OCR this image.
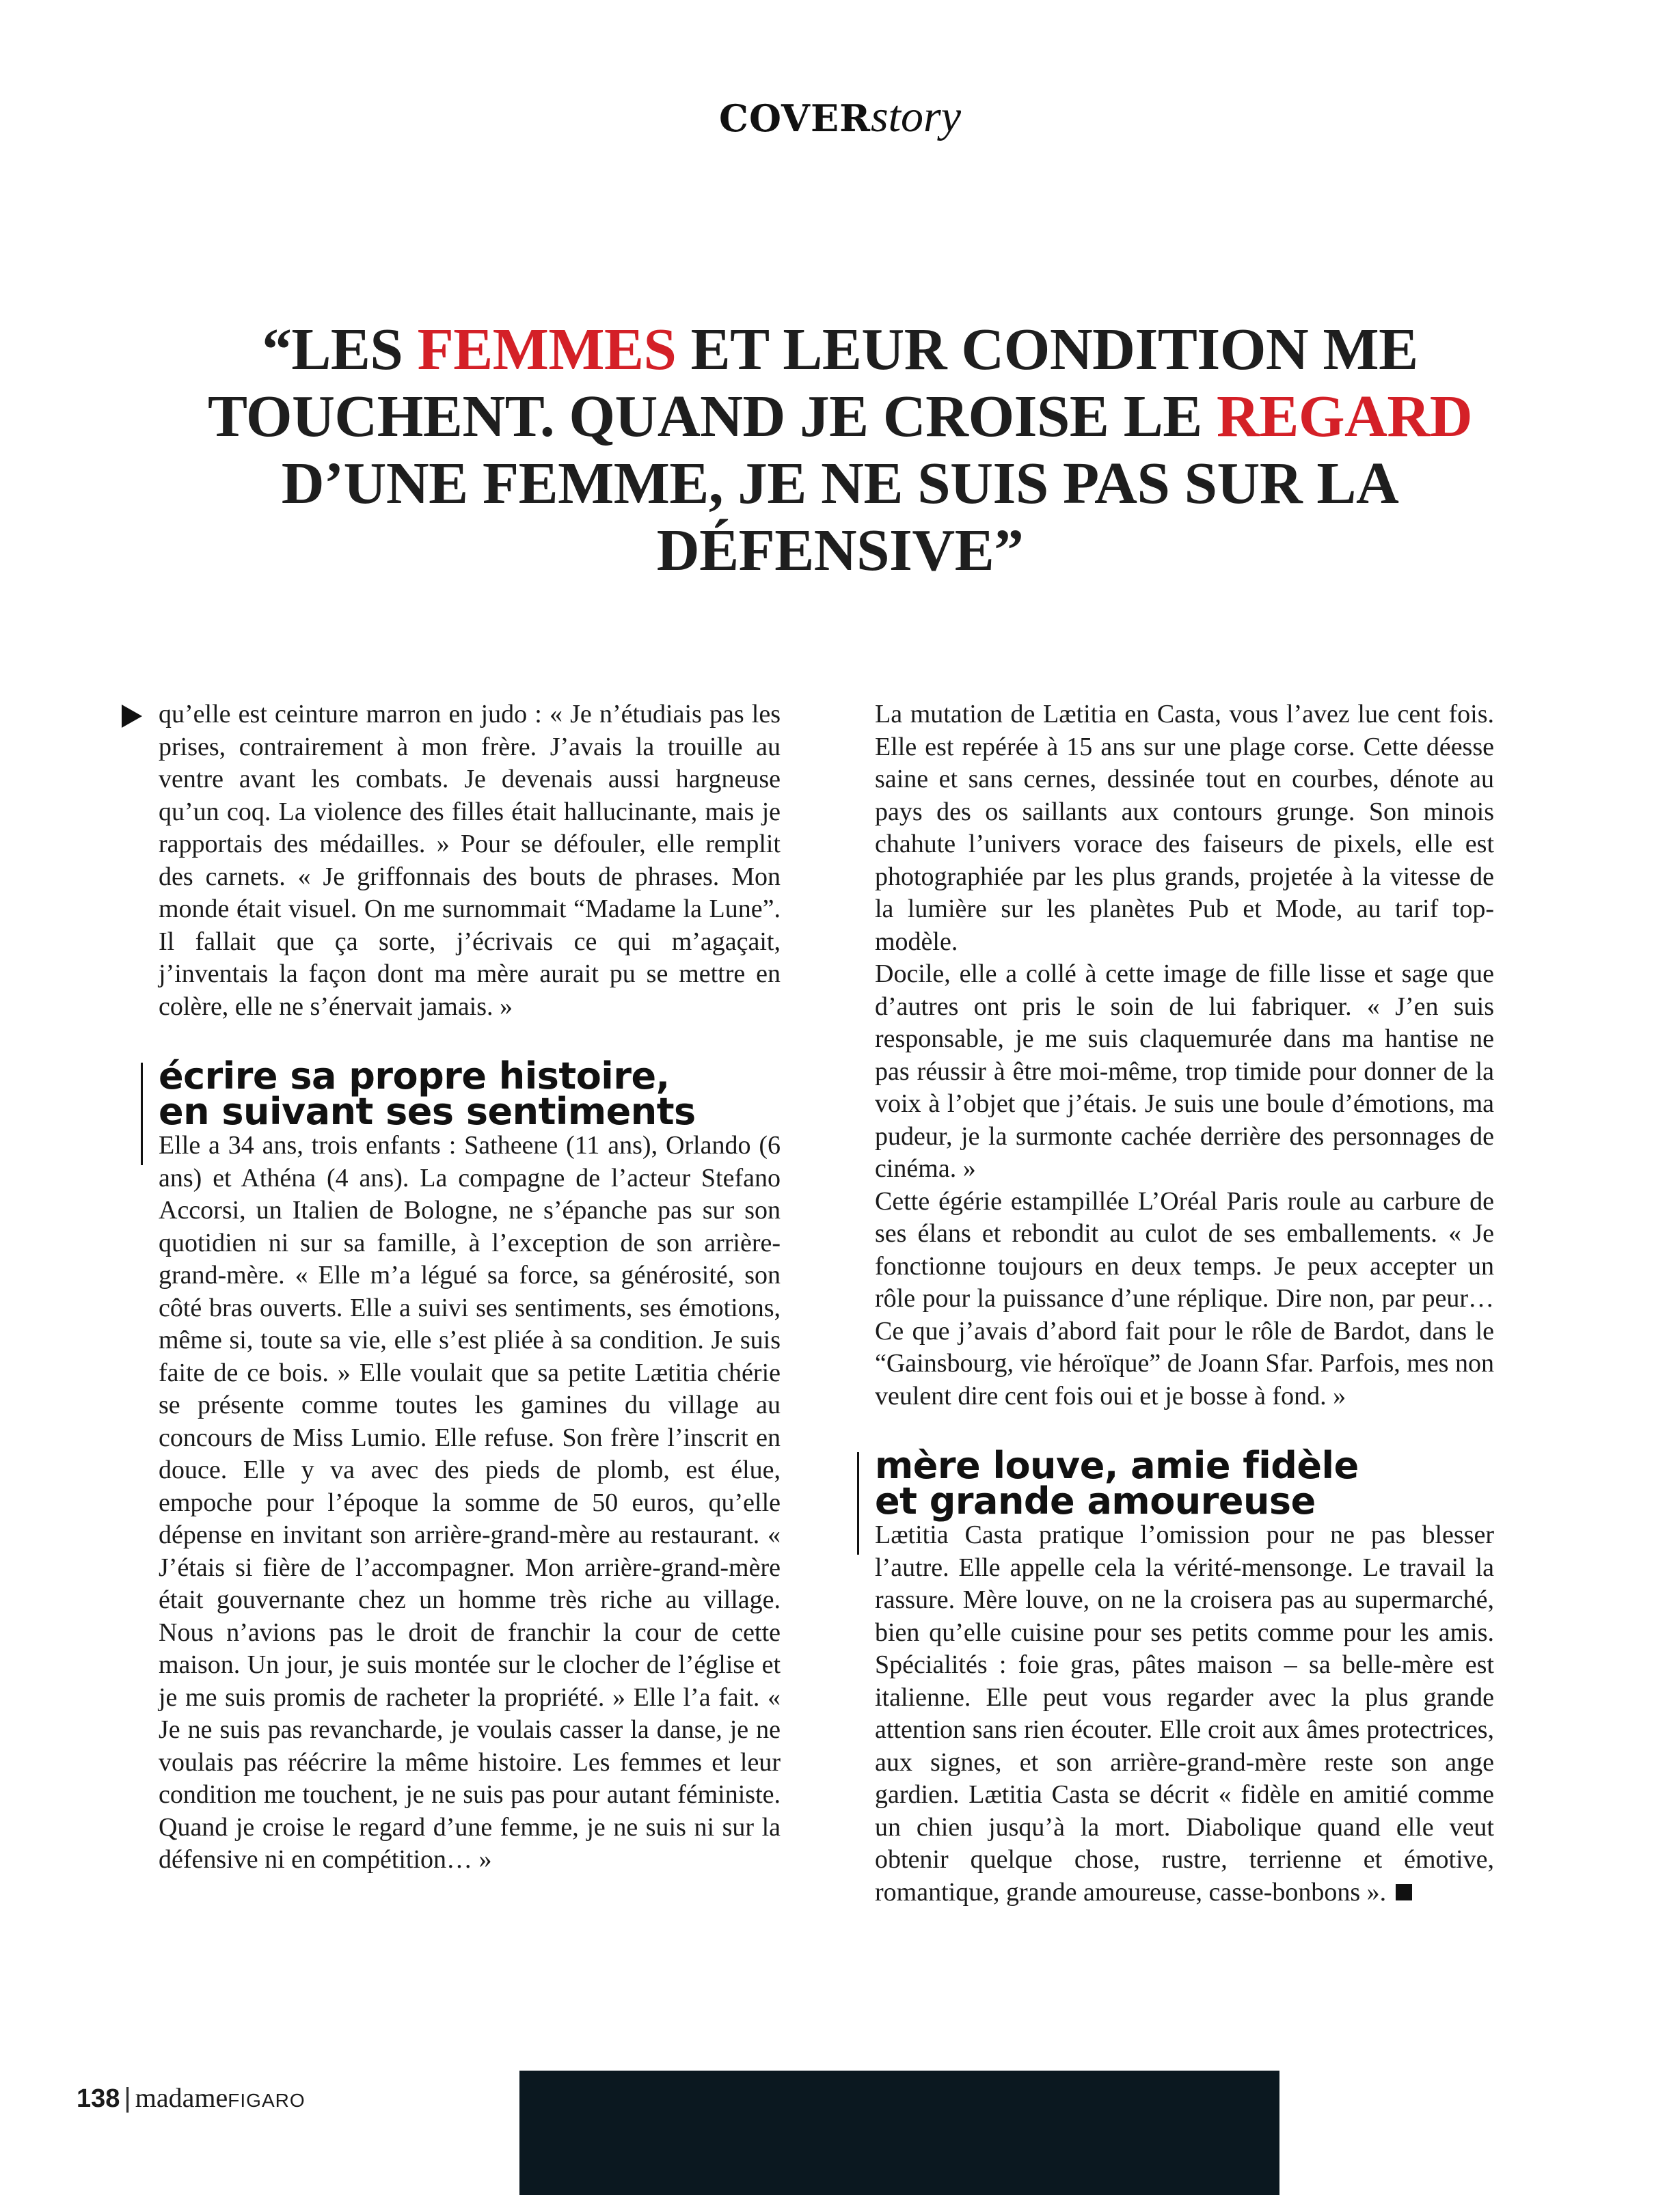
COVERstory
“LES FEMMES ET LEUR CONDITION ME TOUCHENT. QUAND JE CROISE LE REGARD D’UNE FEMME, JE NE SUIS PAS SUR LA DÉFENSIVE”

qu’elle est ceinture marron en judo : « Je n’étudiais pas les prises, contrairement à mon frère. J’avais la trouille au ventre avant les combats. Je devenais aussi hargneuse qu’un coq. La violence des filles était hallucinante, mais je rapportais des médailles. » Pour se défouler, elle remplit des carnets. « Je griffonnais des bouts de phrases. Mon monde était visuel. On me surnommait “Madame la Lune”. Il fallait que ça sorte, j’écrivais ce qui m’agaçait, j’inventais la façon dont ma mère aurait pu se mettre en colère, elle ne s’énervait jamais. »

écrire sa propre histoire,
en suivant ses sentiments

Elle a 34 ans, trois enfants : Satheene (11 ans), Orlando (6 ans) et Athéna (4 ans). La compagne de l’acteur Stefano Accorsi, un Italien de Bologne, ne s’épanche pas sur son quotidien ni sur sa famille, à l’exception de son arrière-grand-mère. « Elle m’a légué sa force, sa générosité, son côté bras ouverts. Elle a suivi ses sentiments, ses émotions, même si, toute sa vie, elle s’est pliée à sa condition. Je suis faite de ce bois. » Elle voulait que sa petite Lætitia chérie se présente comme toutes les gamines du village au concours de Miss Lumio. Elle refuse. Son frère l’inscrit en douce. Elle y va avec des pieds de plomb, est élue, empoche pour l’époque la somme de 50 euros, qu’elle dépense en invitant son arrière-grand-mère au restaurant. « J’étais si fière de l’accompagner. Mon arrière-grand-mère était gouvernante chez un homme très riche au village. Nous n’avions pas le droit de franchir la cour de cette maison. Un jour, je suis montée sur le clocher de l’église et je me suis promis de racheter la propriété. » Elle l’a fait. « Je ne suis pas revancharde, je voulais casser la danse, je ne voulais pas réécrire la même histoire. Les femmes et leur condition me touchent, je ne suis pas pour autant féministe. Quand je croise le regard d’une femme, je ne suis ni sur la défensive ni en compétition… »

La mutation de Lætitia en Casta, vous l’avez lue cent fois. Elle est repérée à 15 ans sur une plage corse. Cette déesse saine et sans cernes, dessinée tout en courbes, dénote au pays des os saillants aux contours grunge. Son minois chahute l’univers vorace des faiseurs de pixels, elle est photographiée par les plus grands, projetée à la vitesse de la lumière sur les planètes Pub et Mode, au tarif top-modèle.

Docile, elle a collé à cette image de fille lisse et sage que d’autres ont pris le soin de lui fabriquer. « J’en suis responsable, je me suis claquemurée dans ma hantise ne pas réussir à être moi-même, trop timide pour donner de la voix à l’objet que j’étais. Je suis une boule d’émotions, ma pudeur, je la surmonte cachée derrière des personnages de cinéma. »

Cette égérie estampillée L’Oréal Paris roule au carbure de ses élans et rebondit au culot de ses emballements. « Je fonctionne toujours en deux temps. Je peux accepter un rôle pour la puissance d’une réplique. Dire non, par peur… Ce que j’avais d’abord fait pour le rôle de Bardot, dans le “Gainsbourg, vie héroïque” de Joann Sfar. Parfois, mes non veulent dire cent fois oui et je bosse à fond. »

mère louve, amie fidèle
et grande amoureuse

Lætitia Casta pratique l’omission pour ne pas blesser l’autre. Elle appelle cela la vérité-mensonge. Le travail la rassure. Mère louve, on ne la croisera pas au supermarché, bien qu’elle cuisine pour ses petits comme pour les amis. Spécialités : foie gras, pâtes maison – sa belle-mère est italienne. Elle peut vous regarder avec la plus grande attention sans rien écouter. Elle croit aux âmes protectrices, aux signes, et son arrière-grand-mère reste son ange gardien. Lætitia Casta se décrit « fidèle en amitié comme un chien jusqu’à la mort. Diabolique quand elle veut obtenir quelque chose, rustre, terrienne et émotive, romantique, grande amoureuse, casse-bonbons ».

138 | madameFIGARO
